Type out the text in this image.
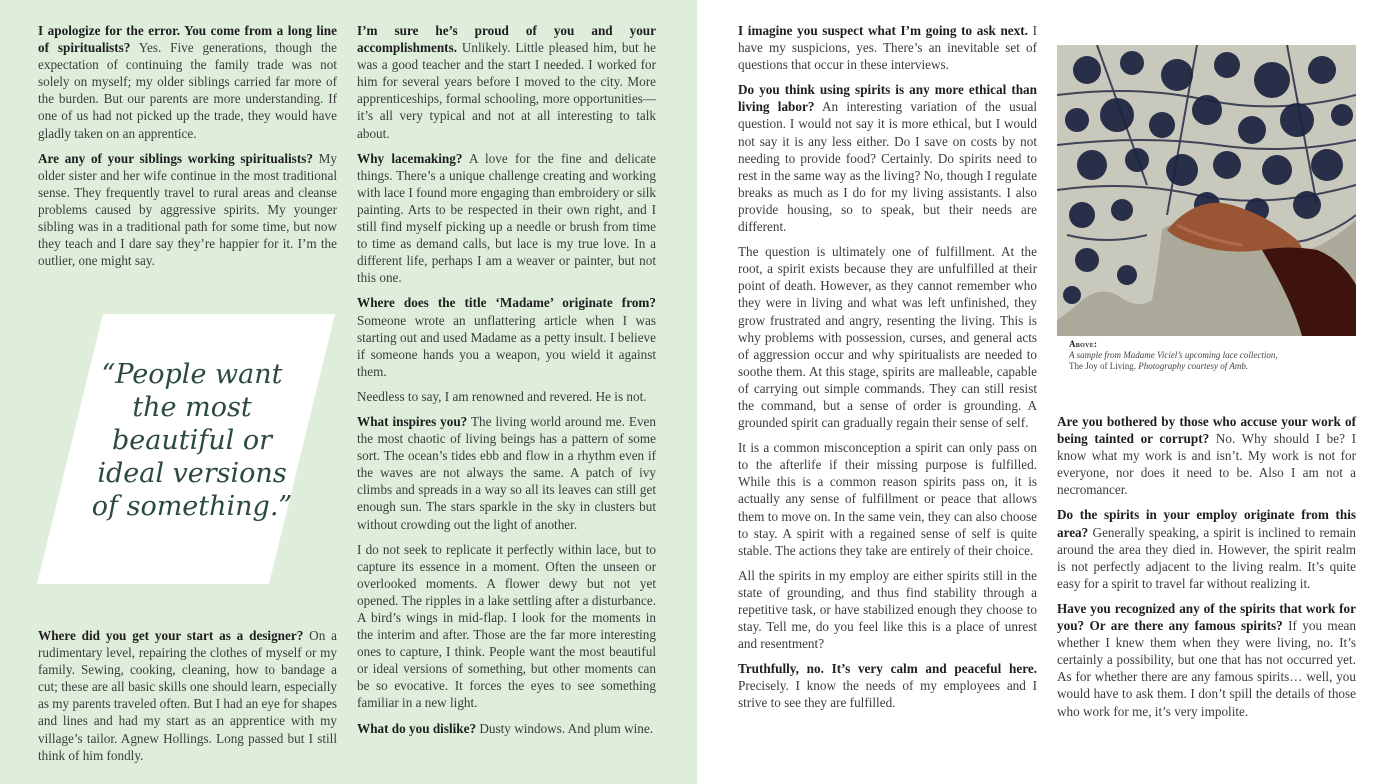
I apologize for the error. You come from a long line of spiritualists? Yes. Five generations, though the expectation of continuing the family trade was not solely on myself; my older siblings carried far more of the burden. But our parents are more understanding. If one of us had not picked up the trade, they would have gladly taken on an apprentice.

Are any of your siblings working spiritualists? My older sister and her wife continue in the most traditional sense. They frequently travel to rural areas and cleanse problems caused by aggressive spirits. My younger sibling was in a traditional path for some time, but now they teach and I dare say they’re happier for it. I’m the outlier, one might say.

“People want
the most
beautiful or
ideal versions
of something.”

Where did you get your start as a designer? On a rudimentary level, repairing the clothes of myself or my family. Sewing, cooking, cleaning, how to bandage a cut; these are all basic skills one should learn, especially as my parents traveled often. But I had an eye for shapes and lines and had my start as an apprentice with my village’s tailor. Agnew Hollings. Long passed but I still think of him fondly.

I’m sure he’s proud of you and your accomplishments. Unlikely. Little pleased him, but he was a good teacher and the start I needed. I worked for him for several years before I moved to the city. More apprenticeships, formal schooling, more opportunities—it’s all very typical and not at all interesting to talk about.

Why lacemaking? A love for the fine and delicate things. There’s a unique challenge creating and working with lace I found more engaging than embroidery or silk painting. Arts to be respected in their own right, and I still find myself picking up a needle or brush from time to time as demand calls, but lace is my true love. In a different life, perhaps I am a weaver or painter, but not this one.

Where does the title ‘Madame’ originate from? Someone wrote an unflattering article when I was starting out and used Madame as a petty insult. I believe if someone hands you a weapon, you wield it against them.

Needless to say, I am renowned and revered. He is not.

What inspires you? The living world around me. Even the most chaotic of living beings has a pattern of some sort. The ocean’s tides ebb and flow in a rhythm even if the waves are not always the same. A patch of ivy climbs and spreads in a way so all its leaves can still get enough sun. The stars sparkle in the sky in clusters but without crowding out the light of another.

I do not seek to replicate it perfectly within lace, but to capture its essence in a moment. Often the unseen or overlooked moments. A flower dewy but not yet opened. The ripples in a lake settling after a disturbance. A bird’s wings in mid-flap. I look for the moments in the interim and after. Those are the far more interesting ones to capture, I think. People want the most beautiful or ideal versions of something, but other moments can be so evocative. It forces the eyes to see something familiar in a new light.

What do you dislike? Dusty windows. And plum wine.

I imagine you suspect what I’m going to ask next. I have my suspicions, yes. There’s an inevitable set of questions that occur in these interviews.

Do you think using spirits is any more ethical than living labor? An interesting variation of the usual question. I would not say it is more ethical, but I would not say it is any less either. Do I save on costs by not needing to provide food? Certainly. Do spirits need to rest in the same way as the living? No, though I regulate breaks as much as I do for my living assistants. I also provide housing, so to speak, but their needs are different.

The question is ultimately one of fulfillment. At the root, a spirit exists because they are unfulfilled at their point of death. However, as they cannot remember who they were in living and what was left unfinished, they grow frustrated and angry, resenting the living. This is why problems with possession, curses, and general acts of aggression occur and why spiritualists are needed to soothe them. At this stage, spirits are malleable, capable of carrying out simple commands. They can still resist the command, but a sense of order is grounding. A grounded spirit can gradually regain their sense of self.

It is a common misconception a spirit can only pass on to the afterlife if their missing purpose is fulfilled. While this is a common reason spirits pass on, it is actually any sense of fulfillment or peace that allows them to move on. In the same vein, they can also choose to stay. A spirit with a regained sense of self is quite stable. The actions they take are entirely of their choice.

All the spirits in my employ are either spirits still in the state of grounding, and thus find stability through a repetitive task, or have stabilized enough they choose to stay. Tell me, do you feel like this is a place of unrest and resentment?

Truthfully, no. It’s very calm and peaceful here. Precisely. I know the needs of my employees and I strive to see they are fulfilled.

Above:
A sample from Madame Viciel’s upcoming lace collection,
The Joy of Living. Photography courtesy of Amb.

Are you bothered by those who accuse your work of being tainted or corrupt? No. Why should I be? I know what my work is and isn’t. My work is not for everyone, nor does it need to be. Also I am not a necromancer.

Do the spirits in your employ originate from this area? Generally speaking, a spirit is inclined to remain around the area they died in. However, the spirit realm is not perfectly adjacent to the living realm. It’s quite easy for a spirit to travel far without realizing it.

Have you recognized any of the spirits that work for you? Or are there any famous spirits? If you mean whether I knew them when they were living, no. It’s certainly a possibility, but one that has not occurred yet. As for whether there are any famous spirits… well, you would have to ask them. I don’t spill the details of those who work for me, it’s very impolite.
